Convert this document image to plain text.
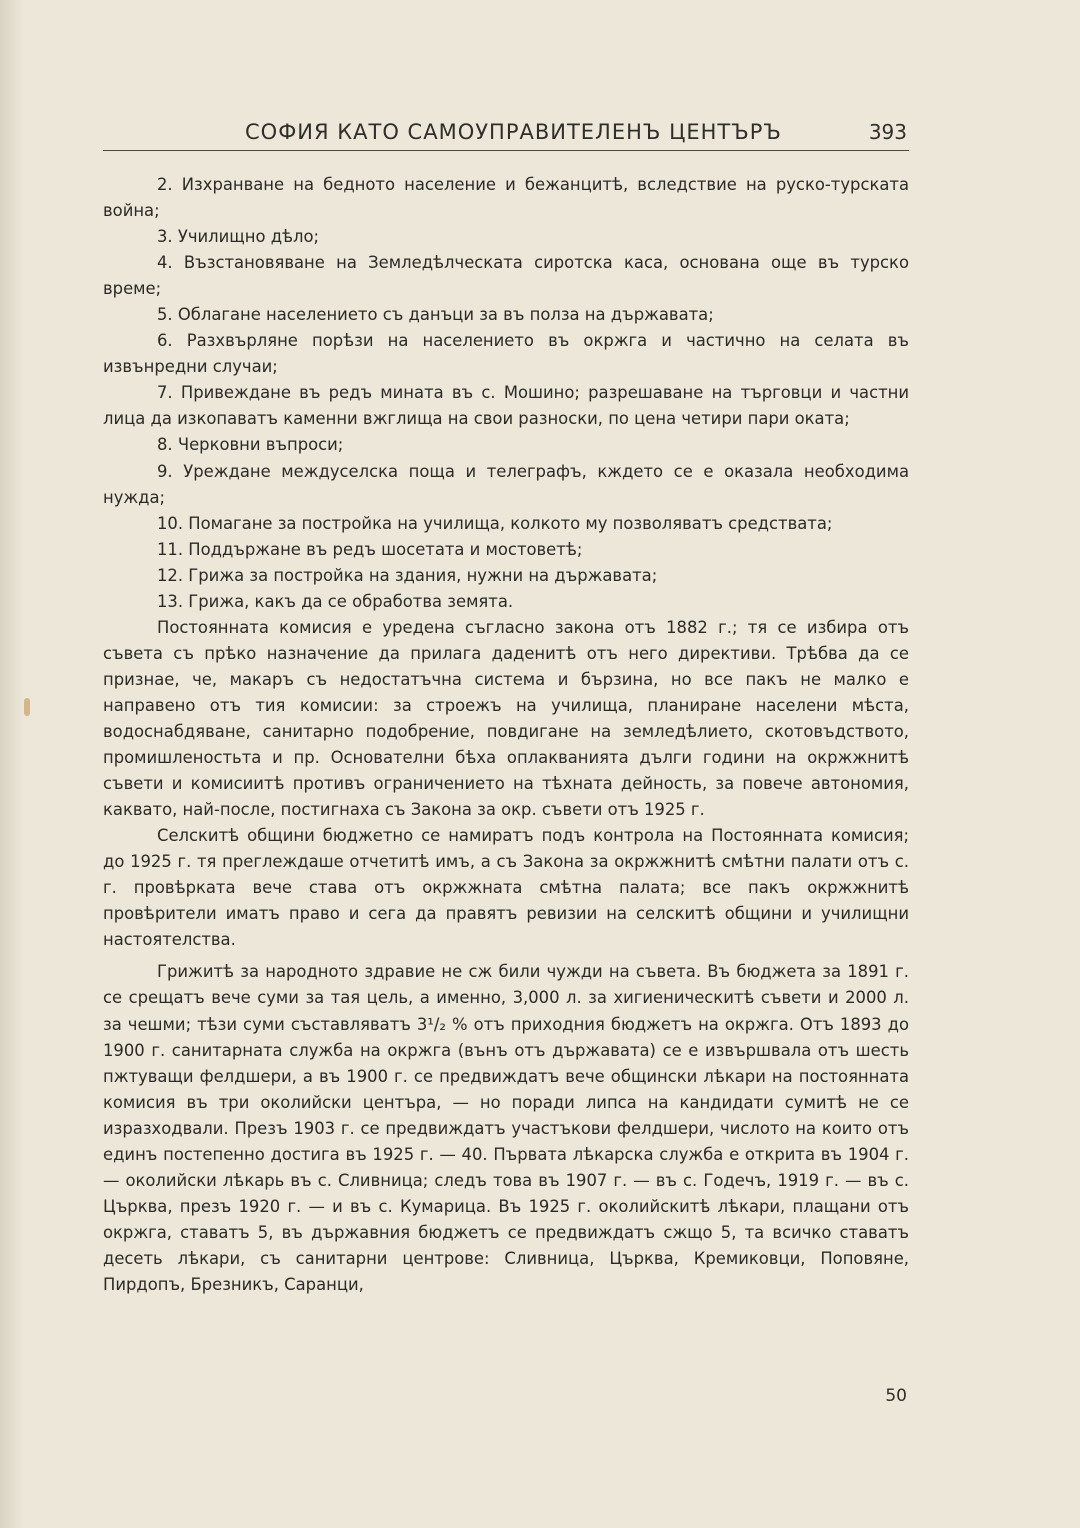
СОФИЯ КАТО САМОУПРАВИТЕЛЕНЪ ЦЕНТЪРЪ	393

2. Изхранване на бедното население и бежанцитѣ, вследствие на руско-турската война;

3. Училищно дѣло;

4. Възстановяване на Земледѣлческата сиротска каса, основана още въ турско време;

5. Облагане населението съ данъци за въ полза на държавата;

6. Разхвърляне порѣзи на населението въ окржга и частично на селата въ извънредни случаи;

7. Привеждане въ редъ мината въ с. Мошино; разрешаване на търговци и частни лица да изкопаватъ каменни вжглища на свои разноски, по цена четири пари оката;

8. Черковни въпроси;

9. Уреждане междуселска поща и телеграфъ, кждето се е оказала необходима нужда;

10. Помагане за постройка на училища, колкото му позволяватъ средствата;

11. Поддържане въ редъ шосетата и мостоветѣ;

12. Грижа за постройка на здания, нужни на държавата;

13. Грижа, какъ да се обработва земята.

Постоянната комисия е уредена съгласно закона отъ 1882 г.; тя се избира отъ съвета съ прѣко назначение да прилага даденитѣ отъ него директиви. Трѣбва да се признае, че, макаръ съ недостатъчна система и бързина, но все пакъ не малко е направено отъ тия комисии: за строежъ на училища, планиране населени мѣста, водоснабдяване, санитарно подобрение, повдигане на земледѣлието, скотовъдството, промишленостьта и пр. Основателни бѣха оплакванията дълги години на окржжнитѣ съвети и комисиитѣ противъ ограничението на тѣхната дейность, за повече автономия, каквато, най-после, постигнаха съ Закона за окр. съвети отъ 1925 г.

Селскитѣ общини бюджетно се намиратъ подъ контрола на Постоянната комисия; до 1925 г. тя преглеждаше отчетитѣ имъ, а съ Закона за окржжнитѣ смѣтни палати отъ с. г. провѣрката вече става отъ окржжната смѣтна палата; все пакъ окржжнитѣ провѣрители иматъ право и сега да правятъ ревизии на селскитѣ общини и училищни настоятелства.

Грижитѣ за народното здравие не сж били чужди на съвета. Въ бюджета за 1891 г. се срещатъ вече суми за тая цель, а именно, 3,000 л. за хигиеническитѣ съвети и 2000 л. за чешми; тѣзи суми съставляватъ 3¹/₂ % отъ приходния бюджетъ на окржга. Отъ 1893 до 1900 г. санитарната служба на окржга (вънъ отъ държавата) се е извършвала отъ шесть пжтуващи фелдшери, а въ 1900 г. се предвиждатъ вече общински лѣкари на постоянната комисия въ три околийски центъра, — но поради липса на кандидати сумитѣ не се изразходвали. Презъ 1903 г. се предвиждатъ участъкови фелдшери, числото на които отъ единъ постепенно достига въ 1925 г. — 40. Първата лѣкарска служба е открита въ 1904 г. — околийски лѣкарь въ с. Сливница; следъ това въ 1907 г. — въ с. Годечъ, 1919 г. — въ с. Църква, презъ 1920 г. — и въ с. Кумарица. Въ 1925 г. околийскитѣ лѣкари, плащани отъ окржга, ставатъ 5, въ държавния бюджетъ се предвиждатъ сжщо 5, та всичко ставатъ десеть лѣкари, съ санитарни центрове: Сливница, Църква, Кремиковци, Поповяне, Пирдопъ, Брезникъ, Саранци,

50
